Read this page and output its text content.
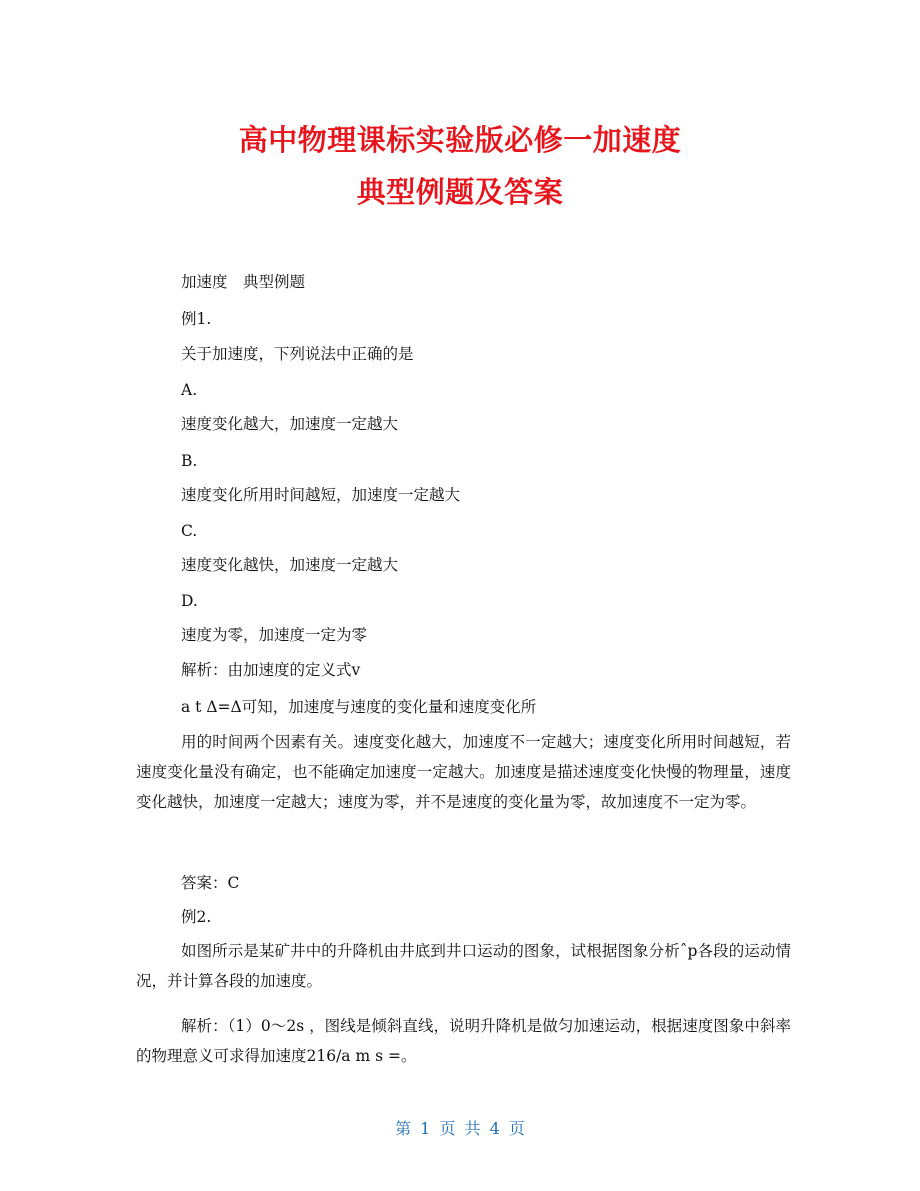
高中物理课标实验版必修一加速度
典型例题及答案

加速度　典型例题

例1.

关于加速度，下列说法中正确的是

A.

速度变化越大，加速度一定越大

B.

速度变化所用时间越短，加速度一定越大

C.

速度变化越快，加速度一定越大

D.

速度为零，加速度一定为零

解析：由加速度的定义式v

a t Δ=Δ可知，加速度与速度的变化量和速度变化所

用的时间两个因素有关。速度变化越大，加速度不一定越大；速度变化所用时间越短，若速度变化量没有确定，也不能确定加速度一定越大。加速度是描述速度变化快慢的物理量，速度变化越快，加速度一定越大；速度为零，并不是速度的变化量为零，故加速度不一定为零。

答案：C

例2.

如图所示是某矿井中的升降机由井底到井口运动的图象，试根据图象分析ˆp各段的运动情况，并计算各段的加速度。

解析：（1）0～2s ，图线是倾斜直线，说明升降机是做匀加速运动，根据速度图象中斜率的物理意义可求得加速度216/a m s =。

第 1 页 共 4 页
